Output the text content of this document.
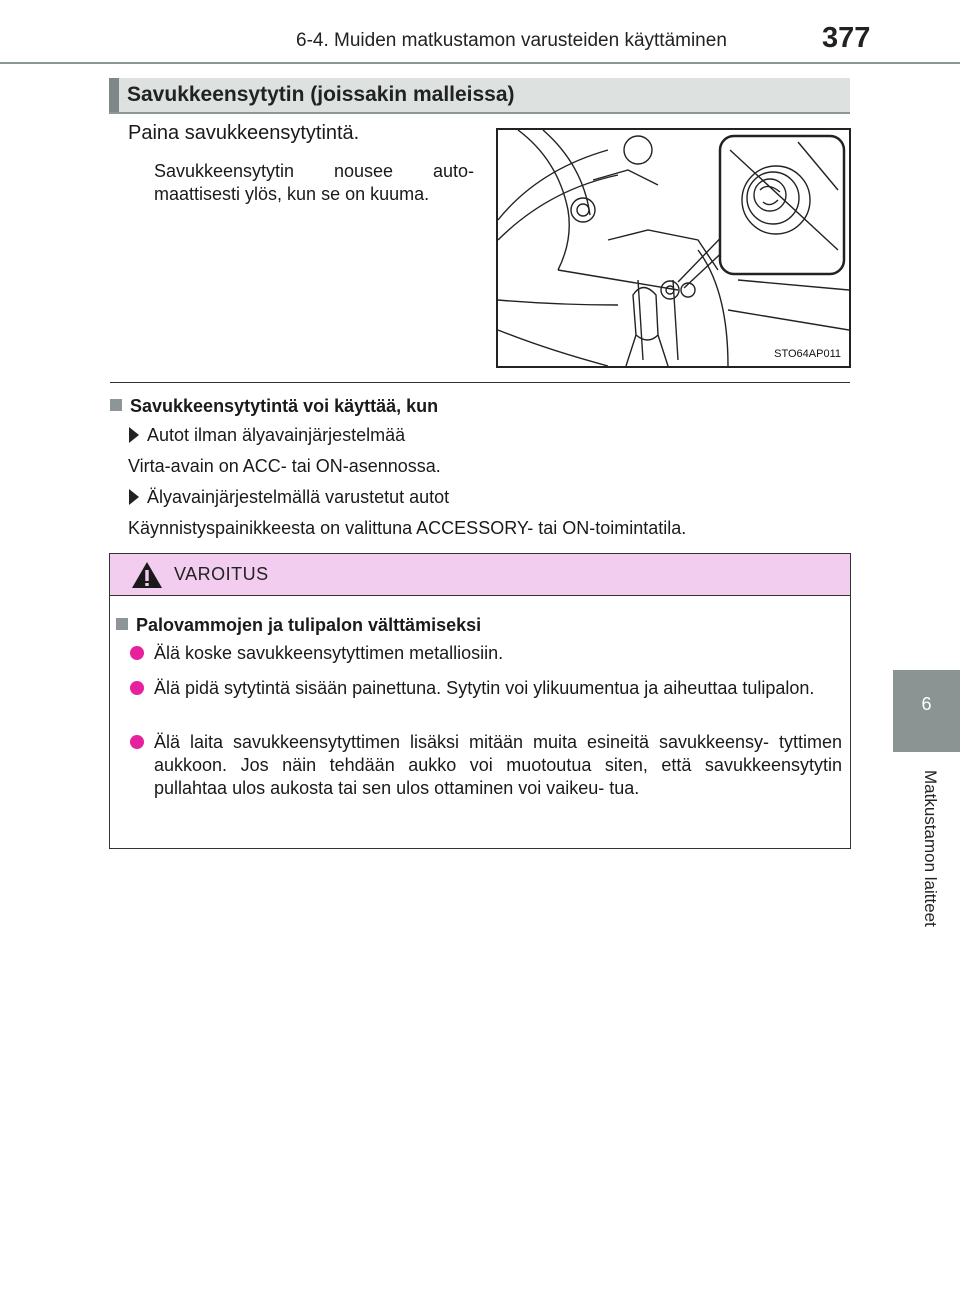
6-4. Muiden matkustamon varusteiden käyttäminen	377
6
Matkustamon laitteet
Savukkeensytytin (joissakin malleissa)
Paina savukkeensytytintä.
Savukkeensytytin nousee auto- maattisesti ylös, kun se on kuuma.
STO64AP011
Savukkeensytytintä voi käyttää, kun
Autot ilman älyavainjärjestelmää
Virta-avain on ACC- tai ON-asennossa.
Älyavainjärjestelmällä varustetut autot
Käynnistyspainikkeesta on valittuna ACCESSORY- tai ON-toimintatila.
VAROITUS
Palovammojen ja tulipalon välttämiseksi
Älä koske savukkeensytyttimen metalliosiin.
Älä pidä sytytintä sisään painettuna. Sytytin voi ylikuumentua ja aiheuttaa tulipalon.
Älä laita savukkeensytyttimen lisäksi mitään muita esineitä savukkeensy- tyttimen aukkoon. Jos näin tehdään aukko voi muotoutua siten, että savukkeensytytin pullahtaa ulos aukosta tai sen ulos ottaminen voi vaikeu- tua.
